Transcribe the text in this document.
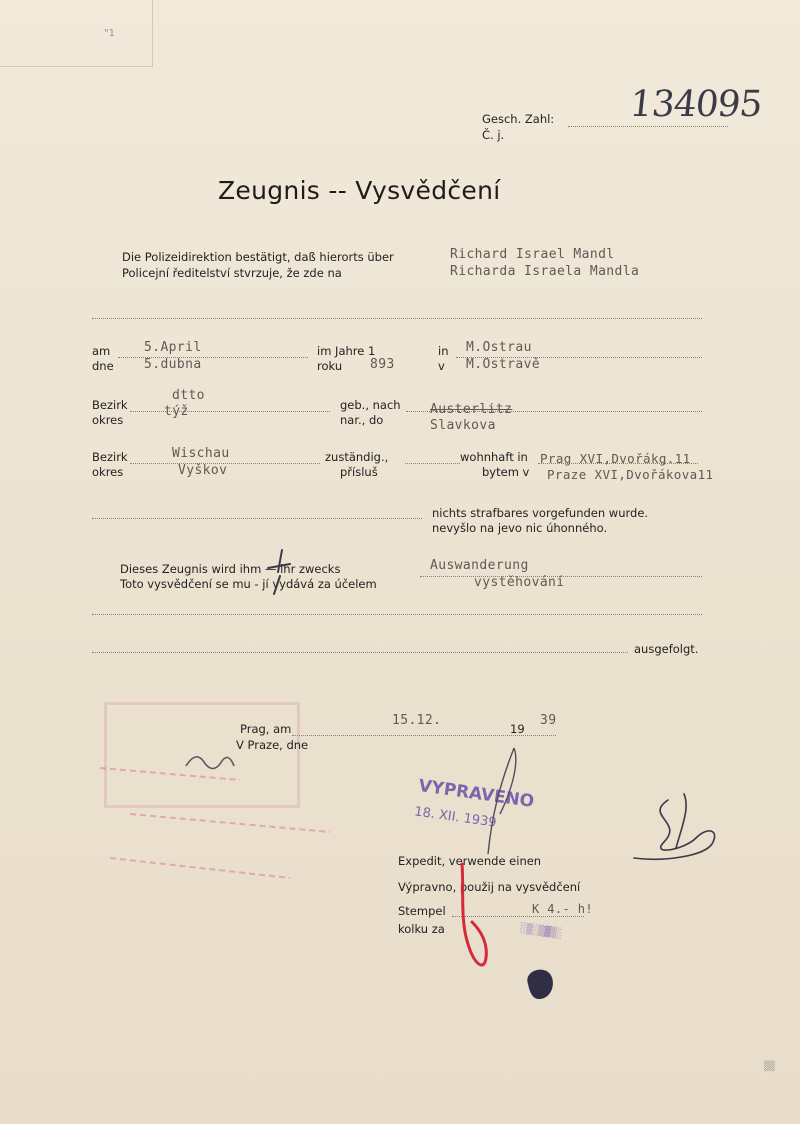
"1
Gesch. Zahl:
Č. j.
134095
Zeugnis -- Vysvědčení
Die Polizeidirektion bestätigt, daß hierorts über
Policejní ředitelství stvrzuje, že zde na
Richard Israel Mandl
Richarda Israela Mandla
am
dne
5.April
5.dubna
im Jahre 1
roku 893
in
v
M.Ostrau
M.Ostravě
Bezirk
okres
dtto
týž	geb., nach
nar., do
Austerlitz
Slavkova
Bezirk
okres
Wischau
Vyškov
zuständig.,
přísluš
wohnhaft in
bytem v
Prag XVI,Dvořákg.11
Praze XVI,Dvořákova11
nichts strafbares vorgefunden wurde.
nevyšlo na jevo nic úhonného.
Dieses Zeugnis wird ihm — ihr zwecks
Toto vysvědčení se mu - jí vydává za účelem
Auswanderung
vystěhování
ausgefolgt.
Prag, am
V Praze, dne
15.12.
19
39
VYPRAVENO
18. XII. 1939
Expedit, verwende einen
Výpravno, použij na vysvědčení
Stempel
kolku za
K 4.- h!
░▒░▒▓▒░
▒▒
